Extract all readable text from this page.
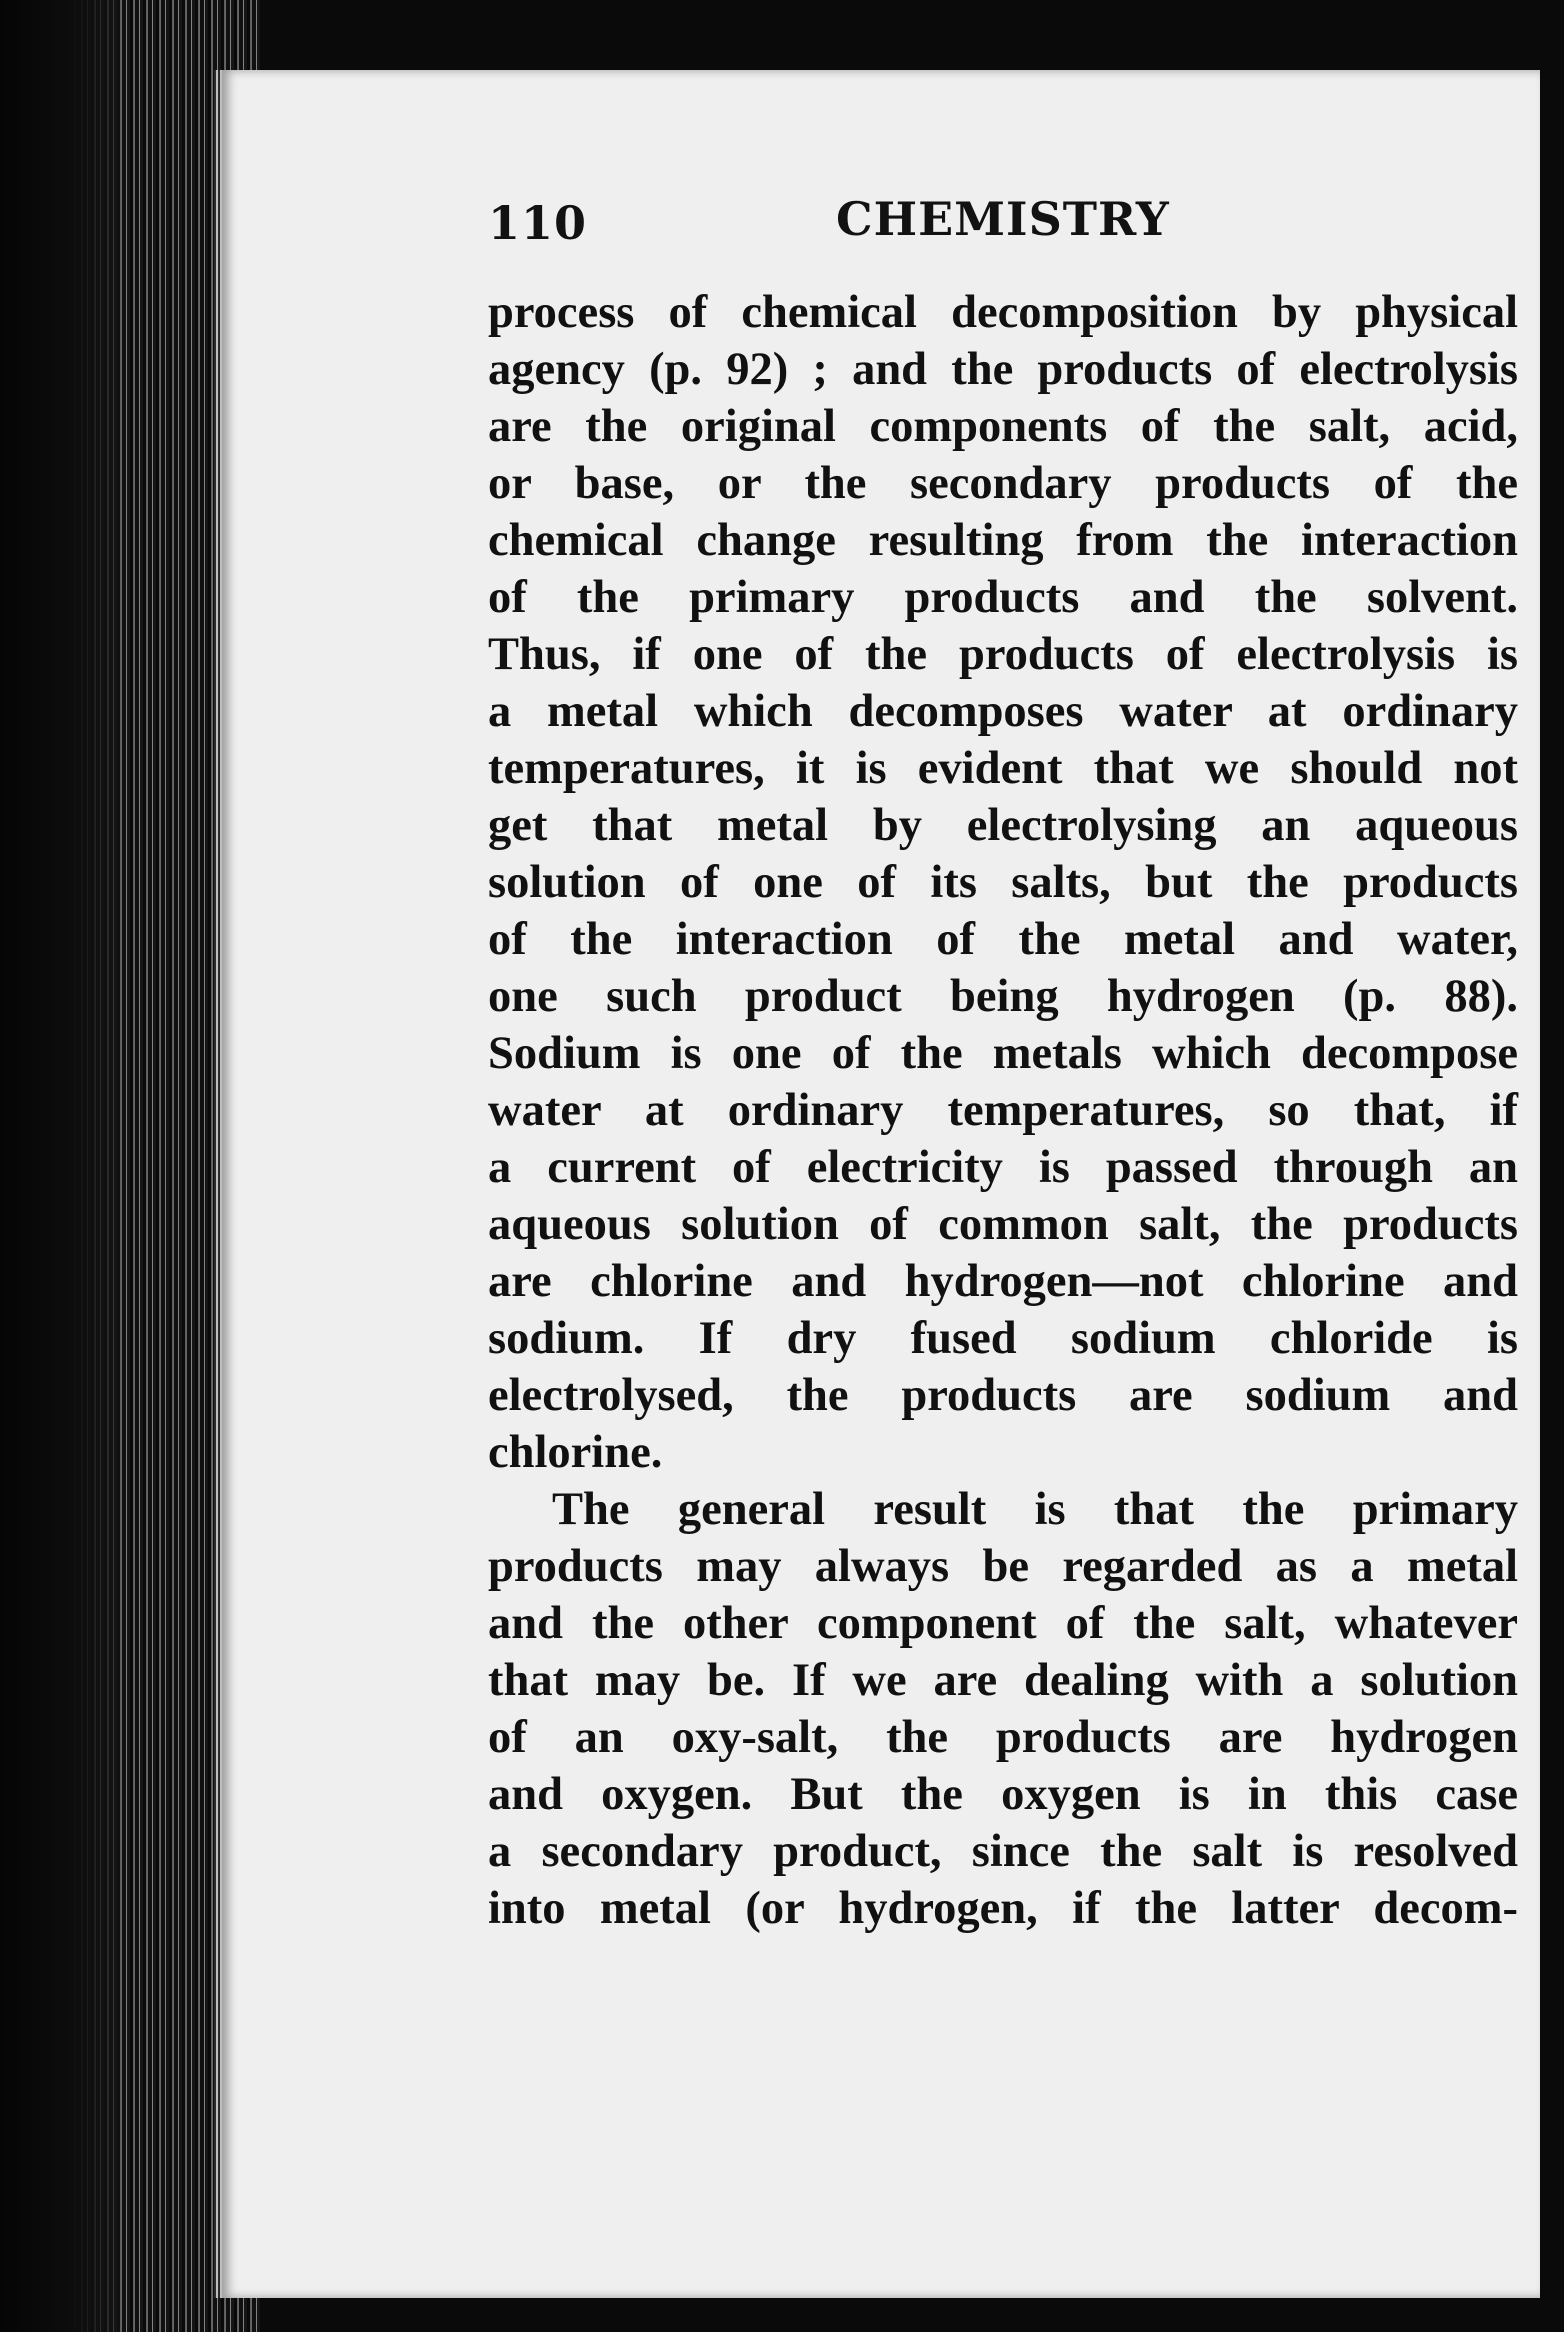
110	CHEMISTRY
process of chemical decomposition by physical
agency (p. 92) ; and the products of electrolysis
are the original components of the salt, acid,
or base, or the secondary products of the
chemical change resulting from the interaction
of the primary products and the solvent.
Thus, if one of the products of electrolysis is
a metal which decomposes water at ordinary
temperatures, it is evident that we should not
get that metal by electrolysing an aqueous
solution of one of its salts, but the products
of the interaction of the metal and water,
one such product being hydrogen (p. 88).
Sodium is one of the metals which decompose
water at ordinary temperatures, so that, if
a current of electricity is passed through an
aqueous solution of common salt, the products
are chlorine and hydrogen—not chlorine and
sodium. If dry fused sodium chloride is
electrolysed, the products are sodium and
chlorine.
The general result is that the primary
products may always be regarded as a metal
and the other component of the salt, whatever
that may be. If we are dealing with a solution
of an oxy-salt, the products are hydrogen
and oxygen. But the oxygen is in this case
a secondary product, since the salt is resolved
into metal (or hydrogen, if the latter decom-
